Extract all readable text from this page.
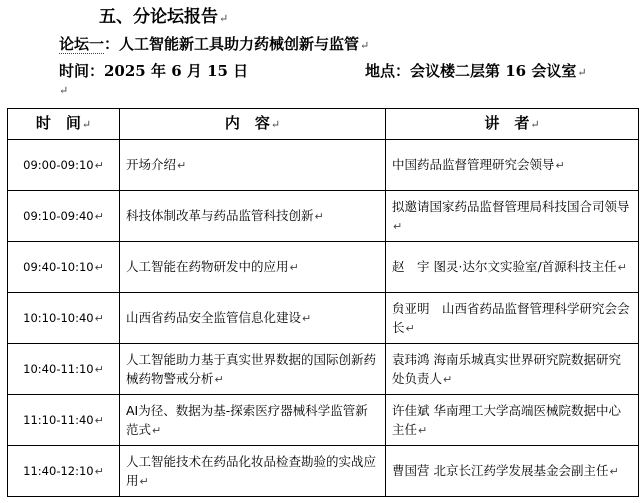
五、分论坛报告↵
论坛一：人工智能新工具助力药械创新与监管↵
时间：2025 年 6 月 15 日	地点：会议楼二层第 16 会议室↵
↵
时　间↵	内　容↵	讲　者↵
09:00-09:10↵	开场介绍↵	中国药品监督管理研究会领导↵
09:10-09:40↵	科技体制改革与药品监管科技创新↵	拟邀请国家药品监督管理局科技国合司领导↵
09:40-10:10↵	人工智能在药物研发中的应用↵	赵　宇 图灵·达尔文实验室/首源科技主任↵
10:10-10:40↵	山西省药品安全监管信息化建设↵	贠亚明　山西省药品监督管理科学研究会会长↵
10:40-11:10↵	人工智能助力基于真实世界数据的国际创新药械药物警戒分析↵	袁玮鸿 海南乐城真实世界研究院数据研究处负责人↵
11:10-11:40↵	AI为径、数据为基-探索医疗器械科学监管新范式↵	许佳斌 华南理工大学高端医械院数据中心主任↵
11:40-12:10↵	人工智能技术在药品化妆品检查勘验的实战应用↵	曹国营 北京长江药学发展基金会副主任↵
